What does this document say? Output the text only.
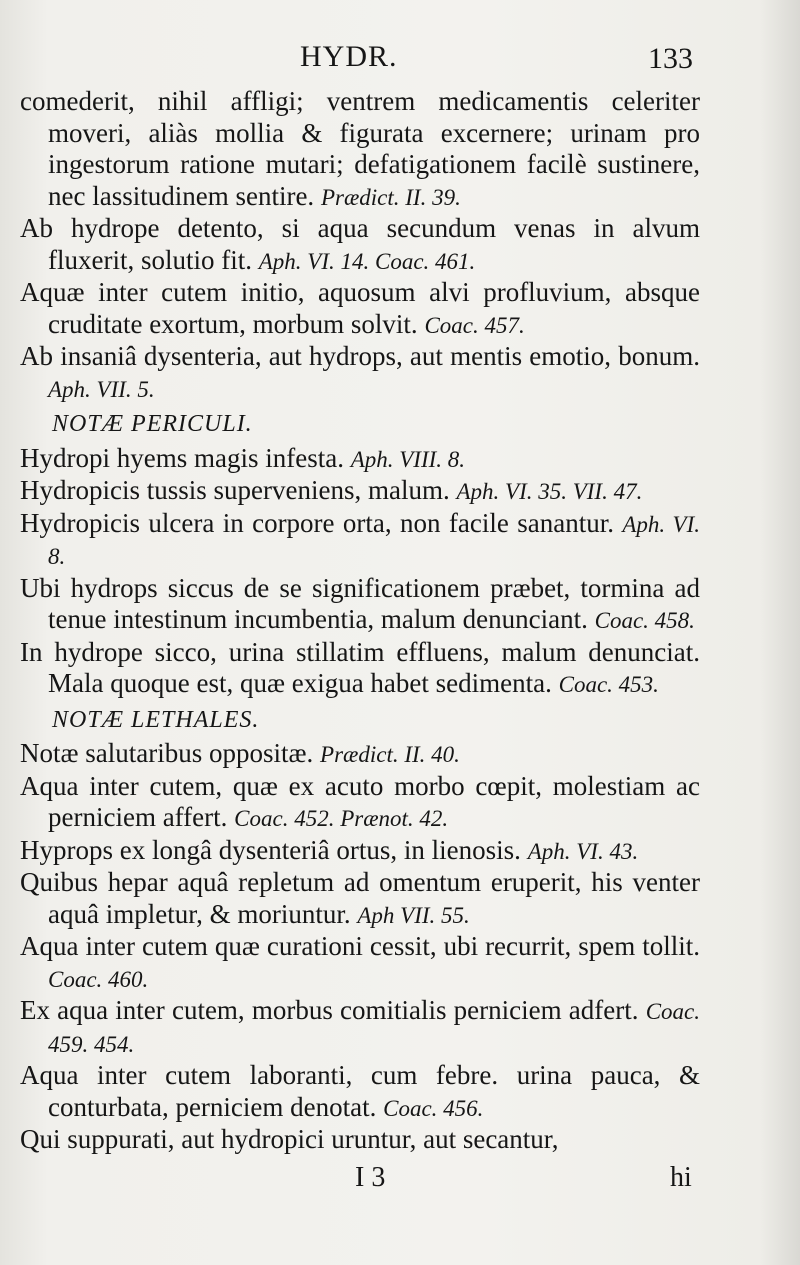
HYDR.	133
comederit, nihil affligi; ventrem medicamentis celeriter moveri, aliàs mollia & figurata excernere; urinam pro ingestorum ratione mutari; defatigationem facilè sustinere, nec lassitudinem sentire. Prædict. II. 39.
Ab hydrope detento, si aqua secundum venas in alvum fluxerit, solutio fit. Aph. VI. 14. Coac. 461.
Aquæ inter cutem initio, aquosum alvi profluvium, absque cruditate exortum, morbum solvit. Coac. 457.
Ab insaniâ dysenteria, aut hydrops, aut mentis emotio, bonum. Aph. VII. 5.
NOTÆ PERICULI.
Hydropi hyems magis infesta. Aph. VIII. 8.
Hydropicis tussis superveniens, malum. Aph. VI. 35. VII. 47.
Hydropicis ulcera in corpore orta, non facile sanantur. Aph. VI. 8.
Ubi hydrops siccus de se significationem præbet, tormina ad tenue intestinum incumbentia, malum denunciant. Coac. 458.
In hydrope sicco, urina stillatim effluens, malum denunciat. Mala quoque est, quæ exigua habet sedimenta. Coac. 453.
NOTÆ LETHALES.
Notæ salutaribus oppositæ. Prædict. II. 40.
Aqua inter cutem, quæ ex acuto morbo cœpit, molestiam ac perniciem affert. Coac. 452. Prænot. 42.
Hyprops ex longâ dysenteriâ ortus, in lienosis. Aph. VI. 43.
Quibus hepar aquâ repletum ad omentum eruperit, his venter aquâ impletur, & moriuntur. Aph VII. 55.
Aqua inter cutem quæ curationi cessit, ubi recurrit, spem tollit. Coac. 460.
Ex aqua inter cutem, morbus comitialis perniciem adfert. Coac. 459. 454.
Aqua inter cutem laboranti, cum febre. urina pauca, & conturbata, perniciem denotat. Coac. 456.
Qui suppurati, aut hydropici uruntur, aut secantur,
I 3	hi
